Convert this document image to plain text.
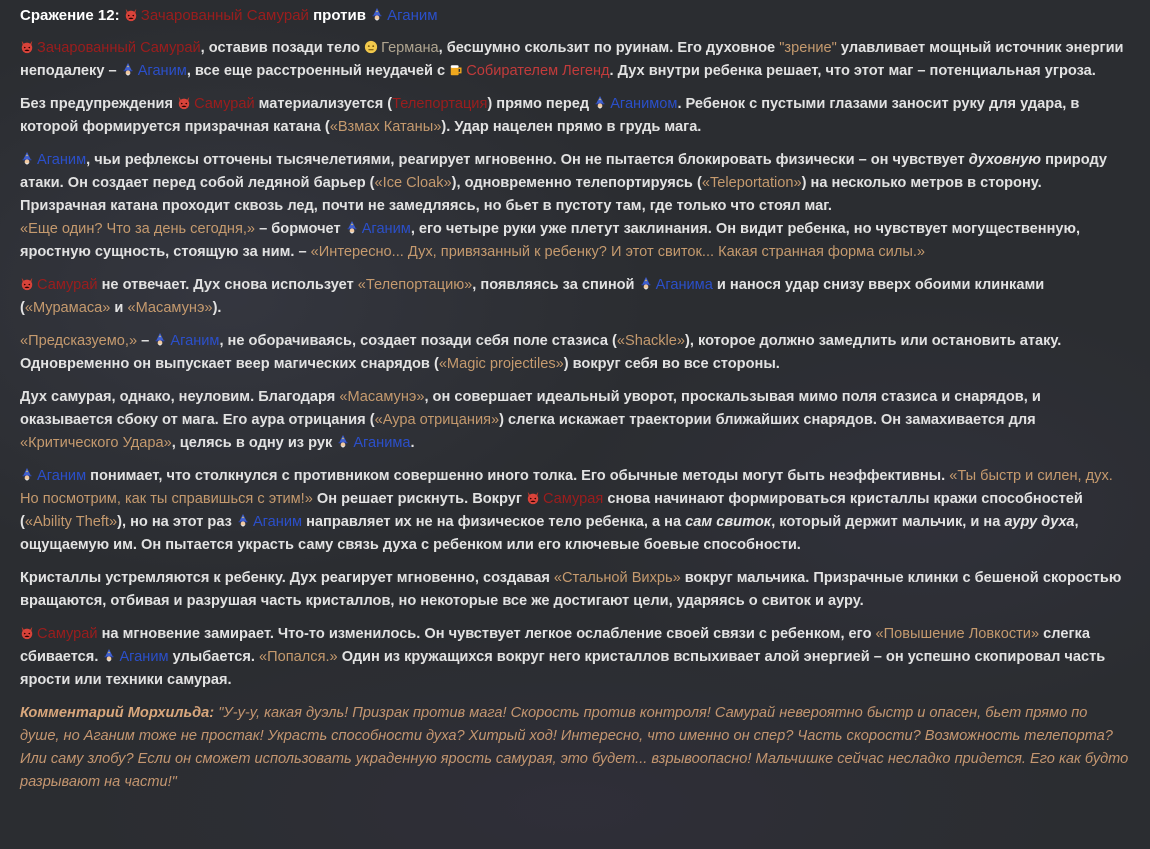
Сражение 12: Зачарованный Самурай против Аганим
Зачарованный Самурай, оставив позади тело Германа, бесшумно скользит по руинам. Его духовное "зрение" улавливает мощный источник энергии неподалеку – Аганим, все еще расстроенный неудачей с Собирателем Легенд. Дух внутри ребенка решает, что этот маг – потенциальная угроза.
Без предупреждения Самурай материализуется (Телепортация) прямо перед Аганимом. Ребенок с пустыми глазами заносит руку для удара, в которой формируется призрачная катана («Взмах Катаны»). Удар нацелен прямо в грудь мага.
Аганим, чьи рефлексы отточены тысячелетиями, реагирует мгновенно. Он не пытается блокировать физически – он чувствует духовную природу атаки. Он создает перед собой ледяной барьер («Ice Cloak»), одновременно телепортируясь («Teleportation») на несколько метров в сторону. Призрачная катана проходит сквозь лед, почти не замедляясь, но бьет в пустоту там, где только что стоял маг.
«Еще один? Что за день сегодня,» – бормочет Аганим, его четыре руки уже плетут заклинания. Он видит ребенка, но чувствует могущественную, яростную сущность, стоящую за ним. – «Интересно... Дух, привязанный к ребенку? И этот свиток... Какая странная форма силы.»
Самурай не отвечает. Дух снова использует «Телепортацию», появляясь за спиной Аганима и нанося удар снизу вверх обоими клинками («Мурамаса» и «Масамунэ»).
«Предсказуемо,» – Аганим, не оборачиваясь, создает позади себя поле стазиса («Shackle»), которое должно замедлить или остановить атаку. Одновременно он выпускает веер магических снарядов («Magic projectiles») вокруг себя во все стороны.
Дух самурая, однако, неуловим. Благодаря «Масамунэ», он совершает идеальный уворот, проскальзывая мимо поля стазиса и снарядов, и оказывается сбоку от мага. Его аура отрицания («Аура отрицания») слегка искажает траектории ближайших снарядов. Он замахивается для «Критического Удара», целясь в одну из рук Аганима.
Аганим понимает, что столкнулся с противником совершенно иного толка. Его обычные методы могут быть неэффективны. «Ты быстр и силен, дух. Но посмотрим, как ты справишься с этим!» Он решает рискнуть. Вокруг Самурая снова начинают формироваться кристаллы кражи способностей («Ability Theft»), но на этот раз Аганим направляет их не на физическое тело ребенка, а на сам свиток, который держит мальчик, и на ауру духа, ощущаемую им. Он пытается украсть саму связь духа с ребенком или его ключевые боевые способности.
Кристаллы устремляются к ребенку. Дух реагирует мгновенно, создавая «Стальной Вихрь» вокруг мальчика. Призрачные клинки с бешеной скоростью вращаются, отбивая и разрушая часть кристаллов, но некоторые все же достигают цели, ударяясь о свиток и ауру.
Самурай на мгновение замирает. Что-то изменилось. Он чувствует легкое ослабление своей связи с ребенком, его «Повышение Ловкости» слегка сбивается. Аганим улыбается. «Попался.» Один из кружащихся вокруг него кристаллов вспыхивает алой энергией – он успешно скопировал часть ярости или техники самурая.
Комментарий Морхильда: "У-у-у, какая дуэль! Призрак против мага! Скорость против контроля! Самурай невероятно быстр и опасен, бьет прямо по душе, но Аганим тоже не простак! Украсть способности духа? Хитрый ход! Интересно, что именно он спер? Часть скорости? Возможность телепорта? Или саму злобу? Если он сможет использовать украденную ярость самурая, это будет... взрывоопасно! Мальчишке сейчас несладко придется. Его как будто разрывают на части!"
